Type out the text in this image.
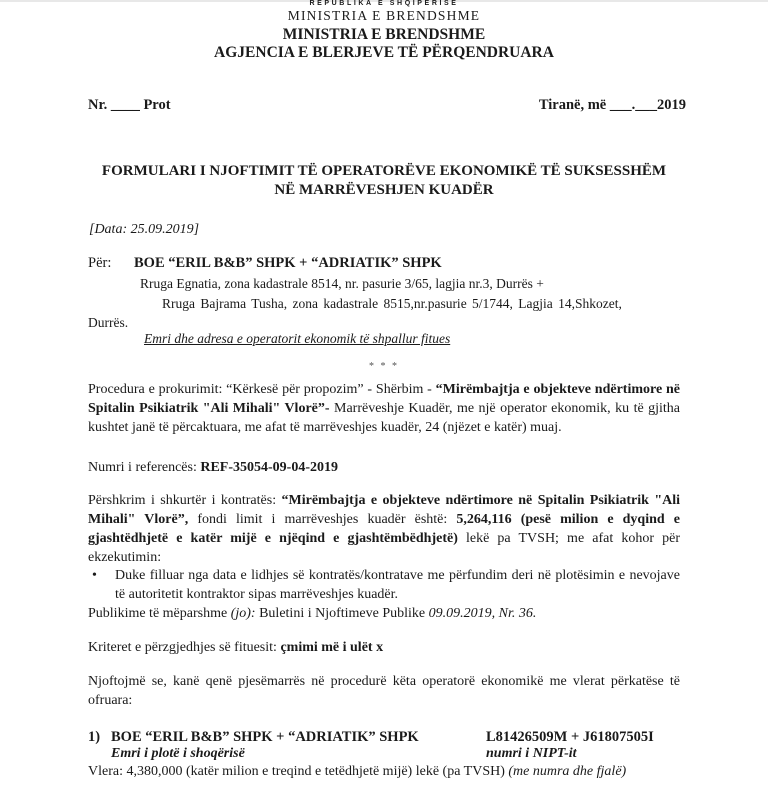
REPUBLIKA E SHQIPËRISË
MINISTRIA E BRENDSHME
MINISTRIA E BRENDSHME
AGJENCIA E BLERJEVE TË PËRQENDRUARA
Nr. ____ Prot	Tiranë, më ___.___2019
FORMULARI I NJOFTIMIT TË OPERATORËVE EKONOMIKË TË SUKSESSHËM
NË MARRËVESHJEN KUADËR
[Data: 25.09.2019]
Për: BOE “ERIL B&B” SHPK + “ADRIATIK” SHPK
Rruga Egnatia, zona kadastrale 8514, nr. pasurie 3/65, lagjia nr.3, Durrës +
Rruga Bajrama Tusha, zona kadastrale 8515,nr.pasurie 5/1744, Lagjia 14,Shkozet,
Durrës.
Emri dhe adresa e operatorit ekonomik të shpallur fitues
* * *
Procedura e prokurimit: “Kërkesë për propozim” - Shërbim - “Mirëmbajtja e objekteve ndërtimore në Spitalin Psikiatrik "Ali Mihali" Vlorë”- Marrëveshje Kuadër, me një operator ekonomik, ku të gjitha kushtet janë të përcaktuara, me afat të marrëveshjes kuadër, 24 (njëzet e katër) muaj.
Numri i referencës: REF-35054-09-04-2019
Përshkrim i shkurtër i kontratës: “Mirëmbajtja e objekteve ndërtimore në Spitalin Psikiatrik "Ali Mihali" Vlorë”, fondi limit i marrëveshjes kuadër është: 5,264,116 (pesë milion e dyqind e gjashtëdhjetë e katër mijë e njëqind e gjashtëmbëdhjetë) lekë pa TVSH; me afat kohor për ekzekutimin:
• Duke filluar nga data e lidhjes së kontratës/kontratave me përfundim deri në plotësimin e nevojave të autoritetit kontraktor sipas marrëveshjes kuadër.
Publikime të mëparshme (jo): Buletini i Njoftimeve Publike 09.09.2019, Nr. 36.
Kriteret e përzgjedhjes së fituesit: çmimi më i ulët x
Njoftojmë se, kanë qenë pjesëmarrës në procedurë këta operatorë ekonomikë me vlerat përkatëse të ofruara:
1) BOE “ERIL B&B” SHPK + “ADRIATIK” SHPK	L81426509M + J61807505I
Emri i plotë i shoqërisë	numri i NIPT-it
Vlera: 4,380,000 (katër milion e treqind e tetëdhjetë mijë) lekë (pa TVSH) (me numra dhe fjalë)
